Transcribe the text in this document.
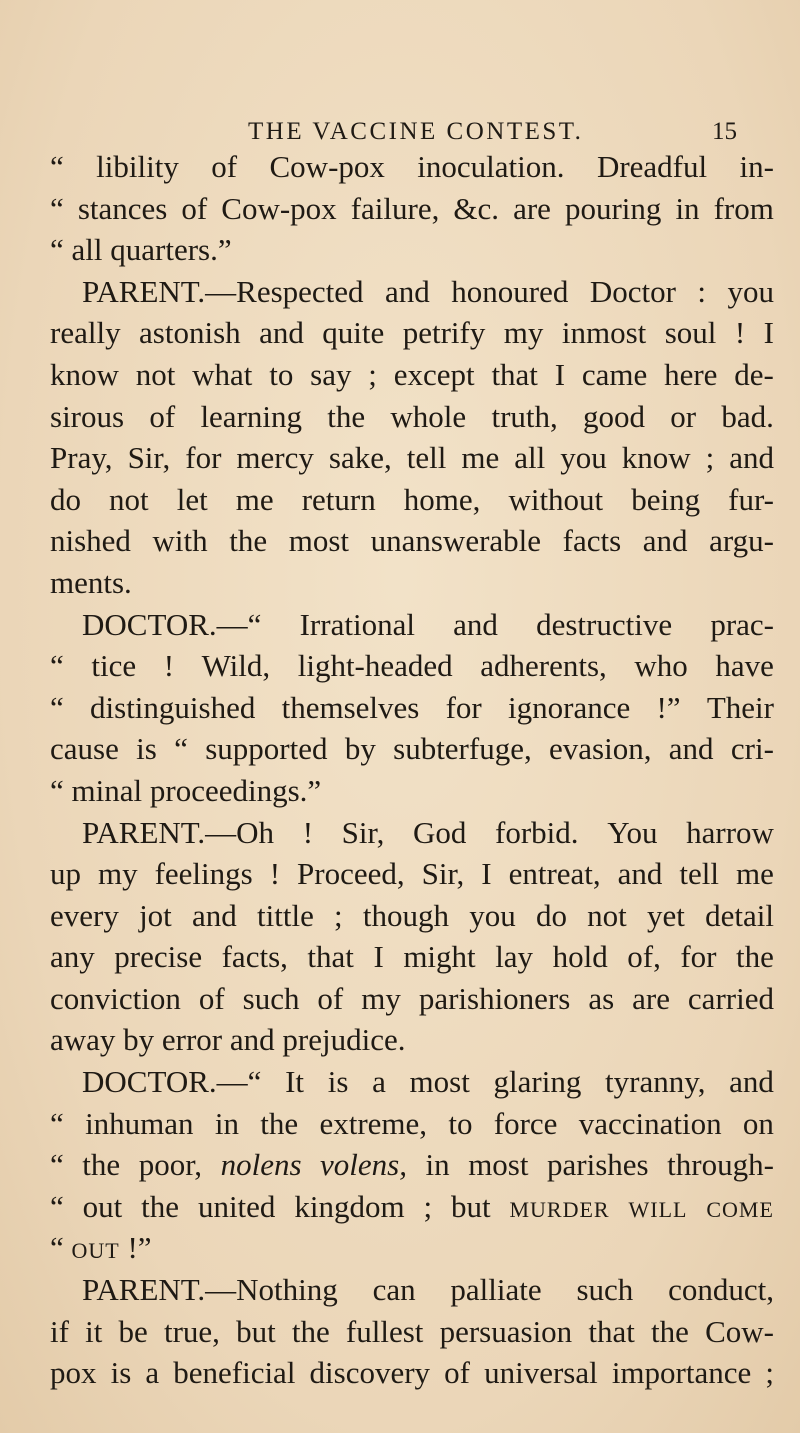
THE VACCINE CONTEST.	15
“ libility of Cow-pox inoculation. Dreadful in-
“ stances of Cow-pox failure, &c. are pouring in from
“ all quarters.”
PARENT.—Respected and honoured Doctor : you
really astonish and quite petrify my inmost soul ! I
know not what to say ; except that I came here de-
sirous of learning the whole truth, good or bad.
Pray, Sir, for mercy sake, tell me all you know ; and
do not let me return home, without being fur-
nished with the most unanswerable facts and argu-
ments.
DOCTOR.—“ Irrational and destructive prac-
“ tice ! Wild, light-headed adherents, who have
“ distinguished themselves for ignorance !” Their
cause is “ supported by subterfuge, evasion, and cri-
“ minal proceedings.”
PARENT.—Oh ! Sir, God forbid. You harrow
up my feelings ! Proceed, Sir, I entreat, and tell me
every jot and tittle ; though you do not yet detail
any precise facts, that I might lay hold of, for the
conviction of such of my parishioners as are carried
away by error and prejudice.
DOCTOR.—“ It is a most glaring tyranny, and
“ inhuman in the extreme, to force vaccination on
“ the poor, nolens volens, in most parishes through-
“ out the united kingdom ; but murder will come
“ out !”
PARENT.—Nothing can palliate such conduct,
if it be true, but the fullest persuasion that the Cow-
pox is a beneficial discovery of universal importance ;
